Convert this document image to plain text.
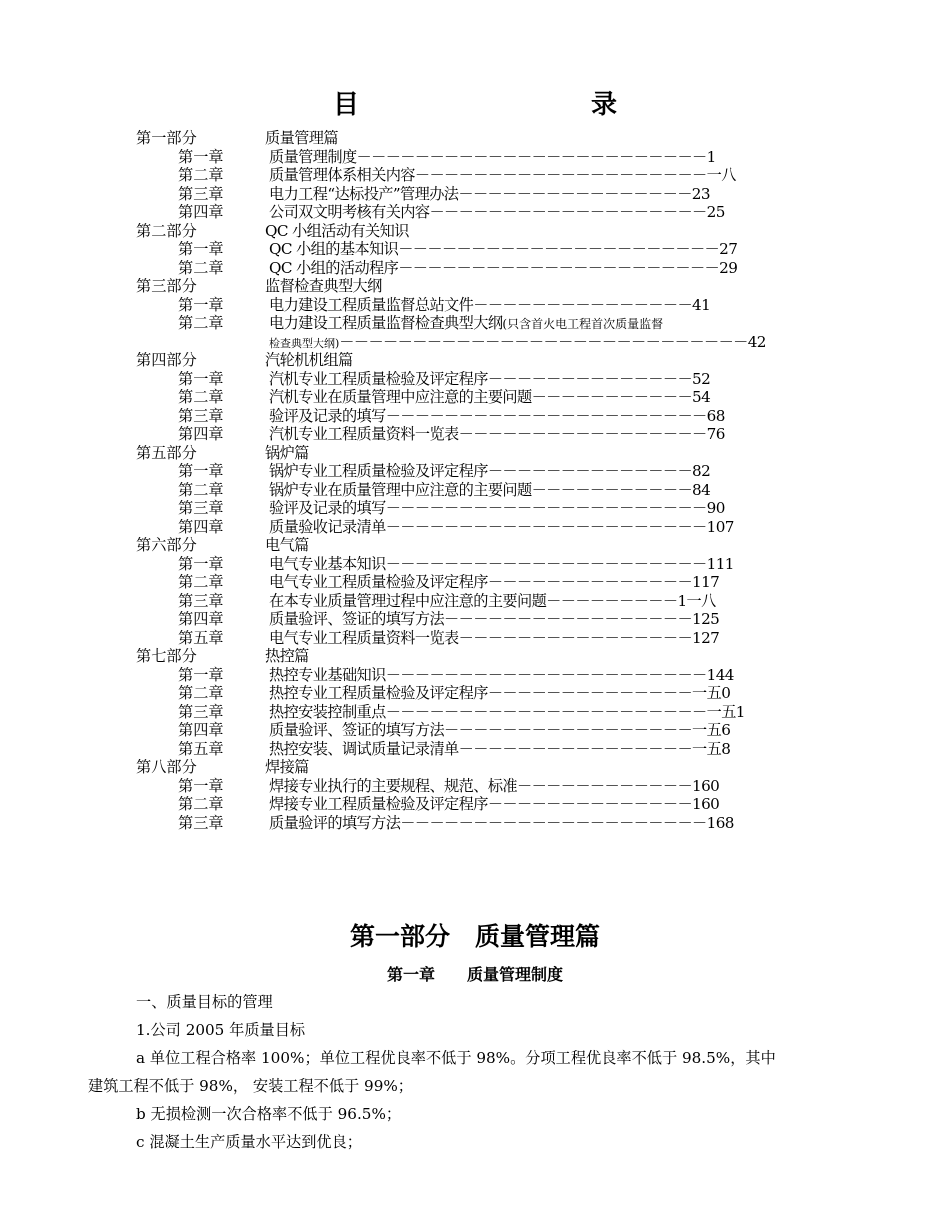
目　　录
第一部分	质量管理篇
第一章	质量管理制度－－－－－－－－－－－－－－－－－－－－－－－－1
第二章	质量管理体系相关内容－－－－－－－－－－－－－－－－－－－－一八
第三章	电力工程“达标投产”管理办法－－－－－－－－－－－－－－－－23
第四章	公司双文明考核有关内容－－－－－－－－－－－－－－－－－－－25
第二部分	QC 小组活动有关知识
第一章	QC 小组的基本知识－－－－－－－－－－－－－－－－－－－－－－27
第二章	QC 小组的活动程序－－－－－－－－－－－－－－－－－－－－－－29
第三部分	监督检查典型大纲
第一章	电力建设工程质量监督总站文件－－－－－－－－－－－－－－－41
第二章	电力建设工程质量监督检查典型大纲(只含首火电工程首次质量监督
检查典型大纲)－－－－－－－－－－－－－－－－－－－－－－－－－－－－42
第四部分	汽轮机机组篇
第一章	汽机专业工程质量检验及评定程序－－－－－－－－－－－－－－52
第二章	汽机专业在质量管理中应注意的主要问题－－－－－－－－－－－54
第三章	验评及记录的填写－－－－－－－－－－－－－－－－－－－－－－68
第四章	汽机专业工程质量资料一览表－－－－－－－－－－－－－－－－－76
第五部分	锅炉篇
第一章	锅炉专业工程质量检验及评定程序－－－－－－－－－－－－－－82
第二章	锅炉专业在质量管理中应注意的主要问题－－－－－－－－－－－84
第三章	验评及记录的填写－－－－－－－－－－－－－－－－－－－－－－90
第四章	质量验收记录清单－－－－－－－－－－－－－－－－－－－－－－107
第六部分	电气篇
第一章	电气专业基本知识－－－－－－－－－－－－－－－－－－－－－－111
第二章	电气专业工程质量检验及评定程序－－－－－－－－－－－－－－117
第三章	在本专业质量管理过程中应注意的主要问题－－－－－－－－－1一八
第四章	质量验评、签证的填写方法－－－－－－－－－－－－－－－－－125
第五章	电气专业工程质量资料一览表－－－－－－－－－－－－－－－－127
第七部分	热控篇
第一章	热控专业基础知识－－－－－－－－－－－－－－－－－－－－－－144
第二章	热控专业工程质量检验及评定程序－－－－－－－－－－－－－－一五0
第三章	热控安装控制重点－－－－－－－－－－－－－－－－－－－－－－一五1
第四章	质量验评、签证的填写方法－－－－－－－－－－－－－－－－－一五6
第五章	热控安装、调试质量记录清单－－－－－－－－－－－－－－－－一五8
第八部分	焊接篇
第一章	焊接专业执行的主要规程、规范、标准－－－－－－－－－－－－160
第二章	焊接专业工程质量检验及评定程序－－－－－－－－－－－－－－160
第三章	质量验评的填写方法－－－－－－－－－－－－－－－－－－－－－168
第一部分　质量管理篇
第一章　　质量管理制度
一、质量目标的管理
1.公司 2005 年质量目标
a 单位工程合格率 100%；单位工程优良率不低于 98%。分项工程优良率不低于 98.5%，其中
建筑工程不低于 98%， 安装工程不低于 99%；
b 无损检测一次合格率不低于 96.5%；
c 混凝土生产质量水平达到优良；
